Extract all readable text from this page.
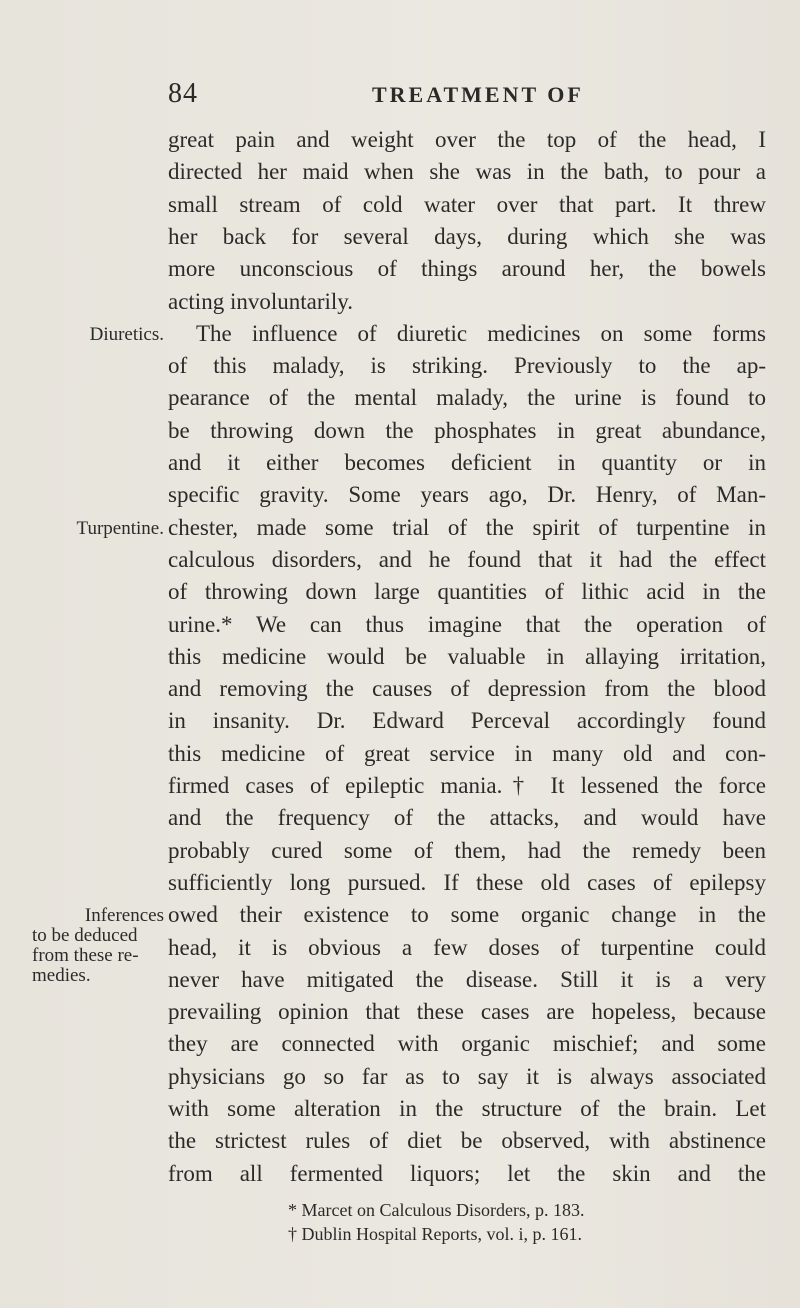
84	TREATMENT OF
Diuretics.
Turpentine.
Inferences
to be deduced
from these re-
medies.
great pain and weight over the top of the head, I
directed her maid when she was in the bath, to pour a
small stream of cold water over that part. It threw
her back for several days, during which she was
more unconscious of things around her, the bowels
acting involuntarily.
The influence of diuretic medicines on some forms
of this malady, is striking. Previously to the ap-
pearance of the mental malady, the urine is found to
be throwing down the phosphates in great abundance,
and it either becomes deficient in quantity or in
specific gravity. Some years ago, Dr. Henry, of Man-
chester, made some trial of the spirit of turpentine in
calculous disorders, and he found that it had the effect
of throwing down large quantities of lithic acid in the
urine.* We can thus imagine that the operation of
this medicine would be valuable in allaying irritation,
and removing the causes of depression from the blood
in insanity. Dr. Edward Perceval accordingly found
this medicine of great service in many old and con-
firmed cases of epileptic mania.† It lessened the force
and the frequency of the attacks, and would have
probably cured some of them, had the remedy been
sufficiently long pursued. If these old cases of epilepsy
owed their existence to some organic change in the
head, it is obvious a few doses of turpentine could
never have mitigated the disease. Still it is a very
prevailing opinion that these cases are hopeless, because
they are connected with organic mischief; and some
physicians go so far as to say it is always associated
with some alteration in the structure of the brain. Let
the strictest rules of diet be observed, with abstinence
from all fermented liquors; let the skin and the
* Marcet on Calculous Disorders, p. 183.
† Dublin Hospital Reports, vol. i, p. 161.
